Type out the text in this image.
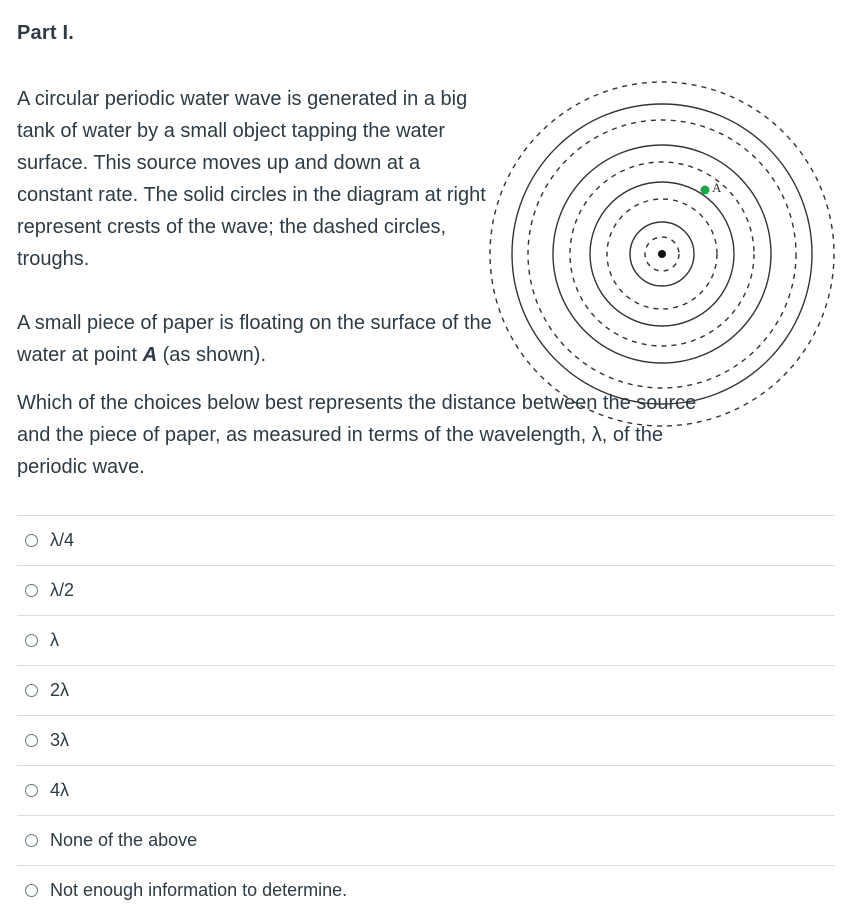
Part I.

A circular periodic water wave is generated in a big tank of water by a small object tapping the water surface. This source moves up and down at a constant rate. The solid circles in the diagram at right represent crests of the wave; the dashed circles, troughs.

A small piece of paper is floating on the surface of the water at point A (as shown).

Which of the choices below best represents the distance between the source and the piece of paper, as measured in terms of the wavelength, λ, of the periodic wave.

A
λ/4
λ/2
λ
2λ
3λ
4λ
None of the above
Not enough information to determine.
